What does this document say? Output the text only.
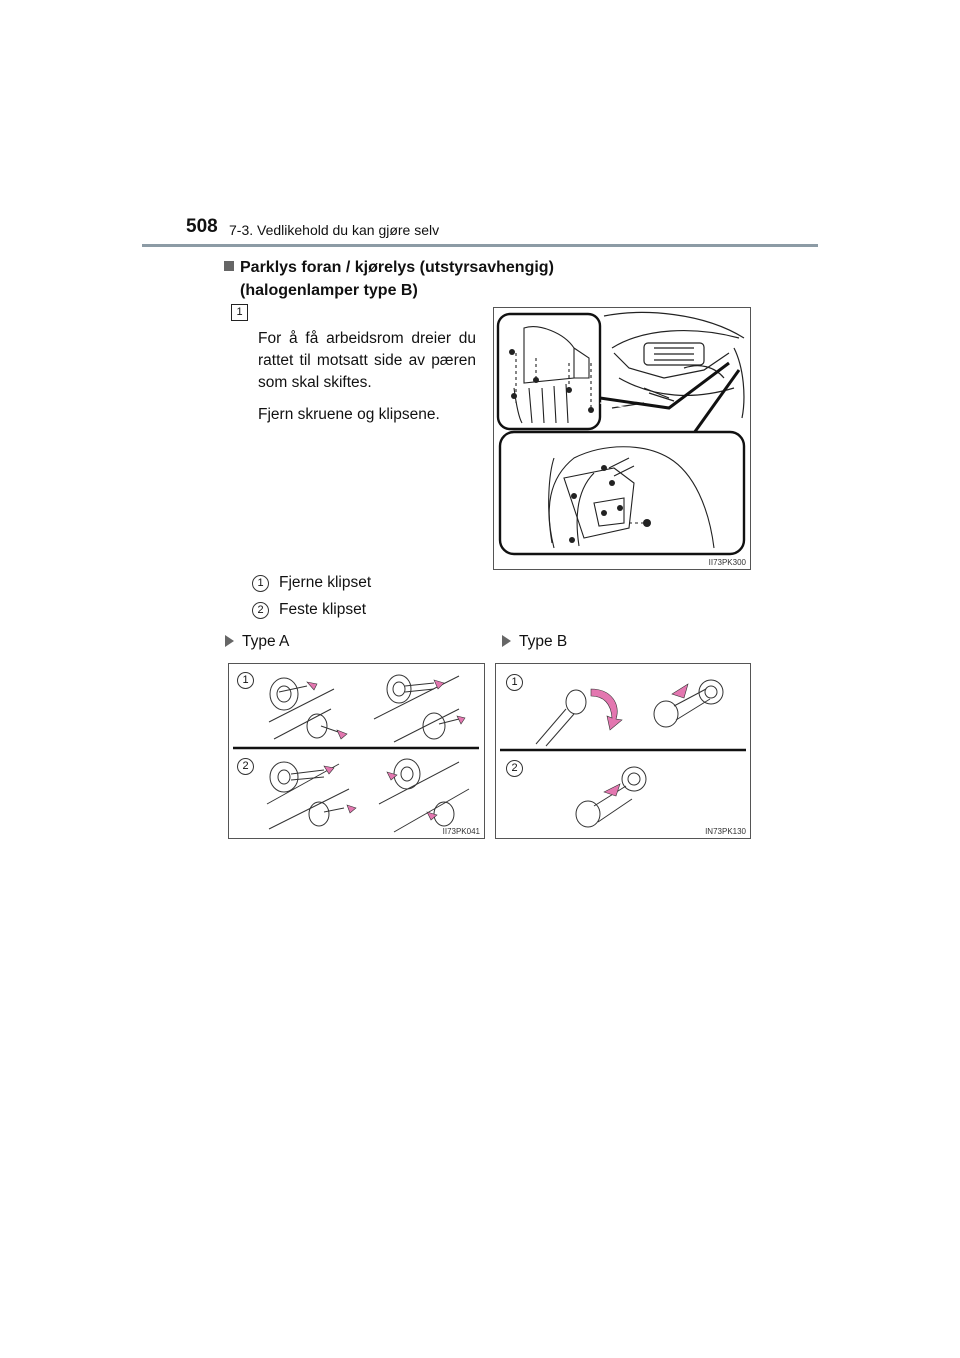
508 7-3. Vedlikehold du kan gjøre selv
Parklys foran / kjørelys (utstyrsavhengig)
(halogenlamper type B)
1

For å få arbeidsrom dreier du rattet til motsatt side av pæren som skal skiftes.

Fjern skruene og klipsene.

II73PK300
1 Fjerne klipset
2 Feste klipset
Type A	Type B
1
2
II73PK041
1
2
IN73PK130
